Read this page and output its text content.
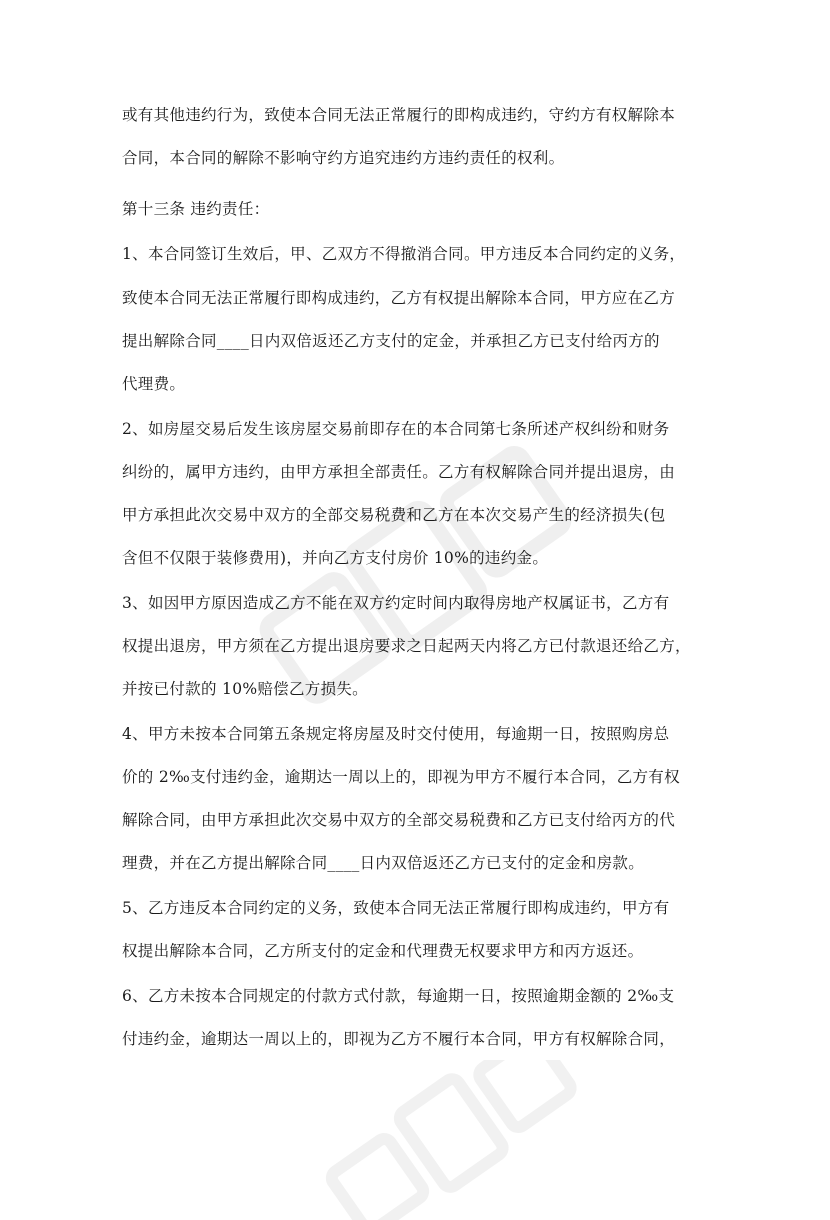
或有其他违约行为，致使本合同无法正常履行的即构成违约，守约方有权解除本
合同，本合同的解除不影响守约方追究违约方违约责任的权利。
第十三条 违约责任：
1、本合同签订生效后，甲、乙双方不得撤消合同。甲方违反本合同约定的义务，
致使本合同无法正常履行即构成违约，乙方有权提出解除本合同，甲方应在乙方
提出解除合同____日内双倍返还乙方支付的定金，并承担乙方已支付给丙方的
代理费。
2、如房屋交易后发生该房屋交易前即存在的本合同第七条所述产权纠纷和财务
纠纷的，属甲方违约，由甲方承担全部责任。乙方有权解除合同并提出退房，由
甲方承担此次交易中双方的全部交易税费和乙方在本次交易产生的经济损失(包
含但不仅限于装修费用)，并向乙方支付房价 10%的违约金。
3、如因甲方原因造成乙方不能在双方约定时间内取得房地产权属证书，乙方有
权提出退房，甲方须在乙方提出退房要求之日起两天内将乙方已付款退还给乙方，
并按已付款的 10%赔偿乙方损失。
4、甲方未按本合同第五条规定将房屋及时交付使用，每逾期一日，按照购房总
价的 2‰支付违约金，逾期达一周以上的，即视为甲方不履行本合同，乙方有权
解除合同，由甲方承担此次交易中双方的全部交易税费和乙方已支付给丙方的代
理费，并在乙方提出解除合同____日内双倍返还乙方已支付的定金和房款。
5、乙方违反本合同约定的义务，致使本合同无法正常履行即构成违约，甲方有
权提出解除本合同，乙方所支付的定金和代理费无权要求甲方和丙方返还。
6、乙方未按本合同规定的付款方式付款，每逾期一日，按照逾期金额的 2‰支
付违约金，逾期达一周以上的，即视为乙方不履行本合同，甲方有权解除合同，
